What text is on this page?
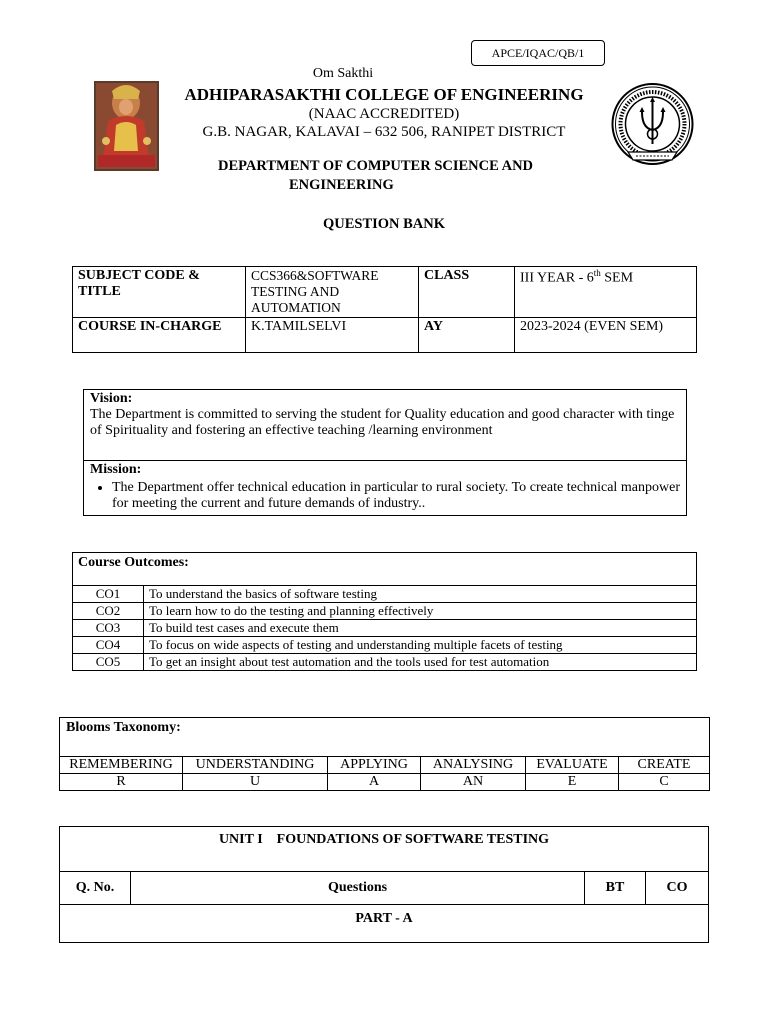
APCE/IQAC/QB/1
Om Sakthi
ADHIPARASAKTHI COLLEGE OF ENGINEERING
(NAAC ACCREDITED)
G.B. NAGAR, KALAVAI – 632 506, RANIPET DISTRICT
DEPARTMENT OF COMPUTER SCIENCE AND
ENGINEERING
QUESTION BANK
SUBJECT CODE & TITLE	CCS366&SOFTWARE TESTING AND AUTOMATION	CLASS	III YEAR - 6th SEM
COURSE IN-CHARGE	K.TAMILSELVI	AY	2023-2024 (EVEN SEM)
Vision:
The Department is committed to serving the student for Quality education and good character with tinge of Spirituality and fostering an effective teaching /learning environment
Mission:
• The Department offer technical education in particular to rural society. To create technical manpower for meeting the current and future demands of industry..
Course Outcomes:	
CO1	To understand the basics of software testing
CO2	To learn how to do the testing and planning effectively
CO3	To build test cases and execute them
CO4	To focus on wide aspects of testing and understanding multiple facets of testing
CO5	To get an insight about test automation and the tools used for test automation
Blooms Taxonomy:					
REMEMBERING	UNDERSTANDING	APPLYING	ANALYSING	EVALUATE	CREATE
R	U	A	AN	E	C
UNIT I    FOUNDATIONS OF SOFTWARE TESTING
Q. No.	Questions	BT	CO
PART - A
